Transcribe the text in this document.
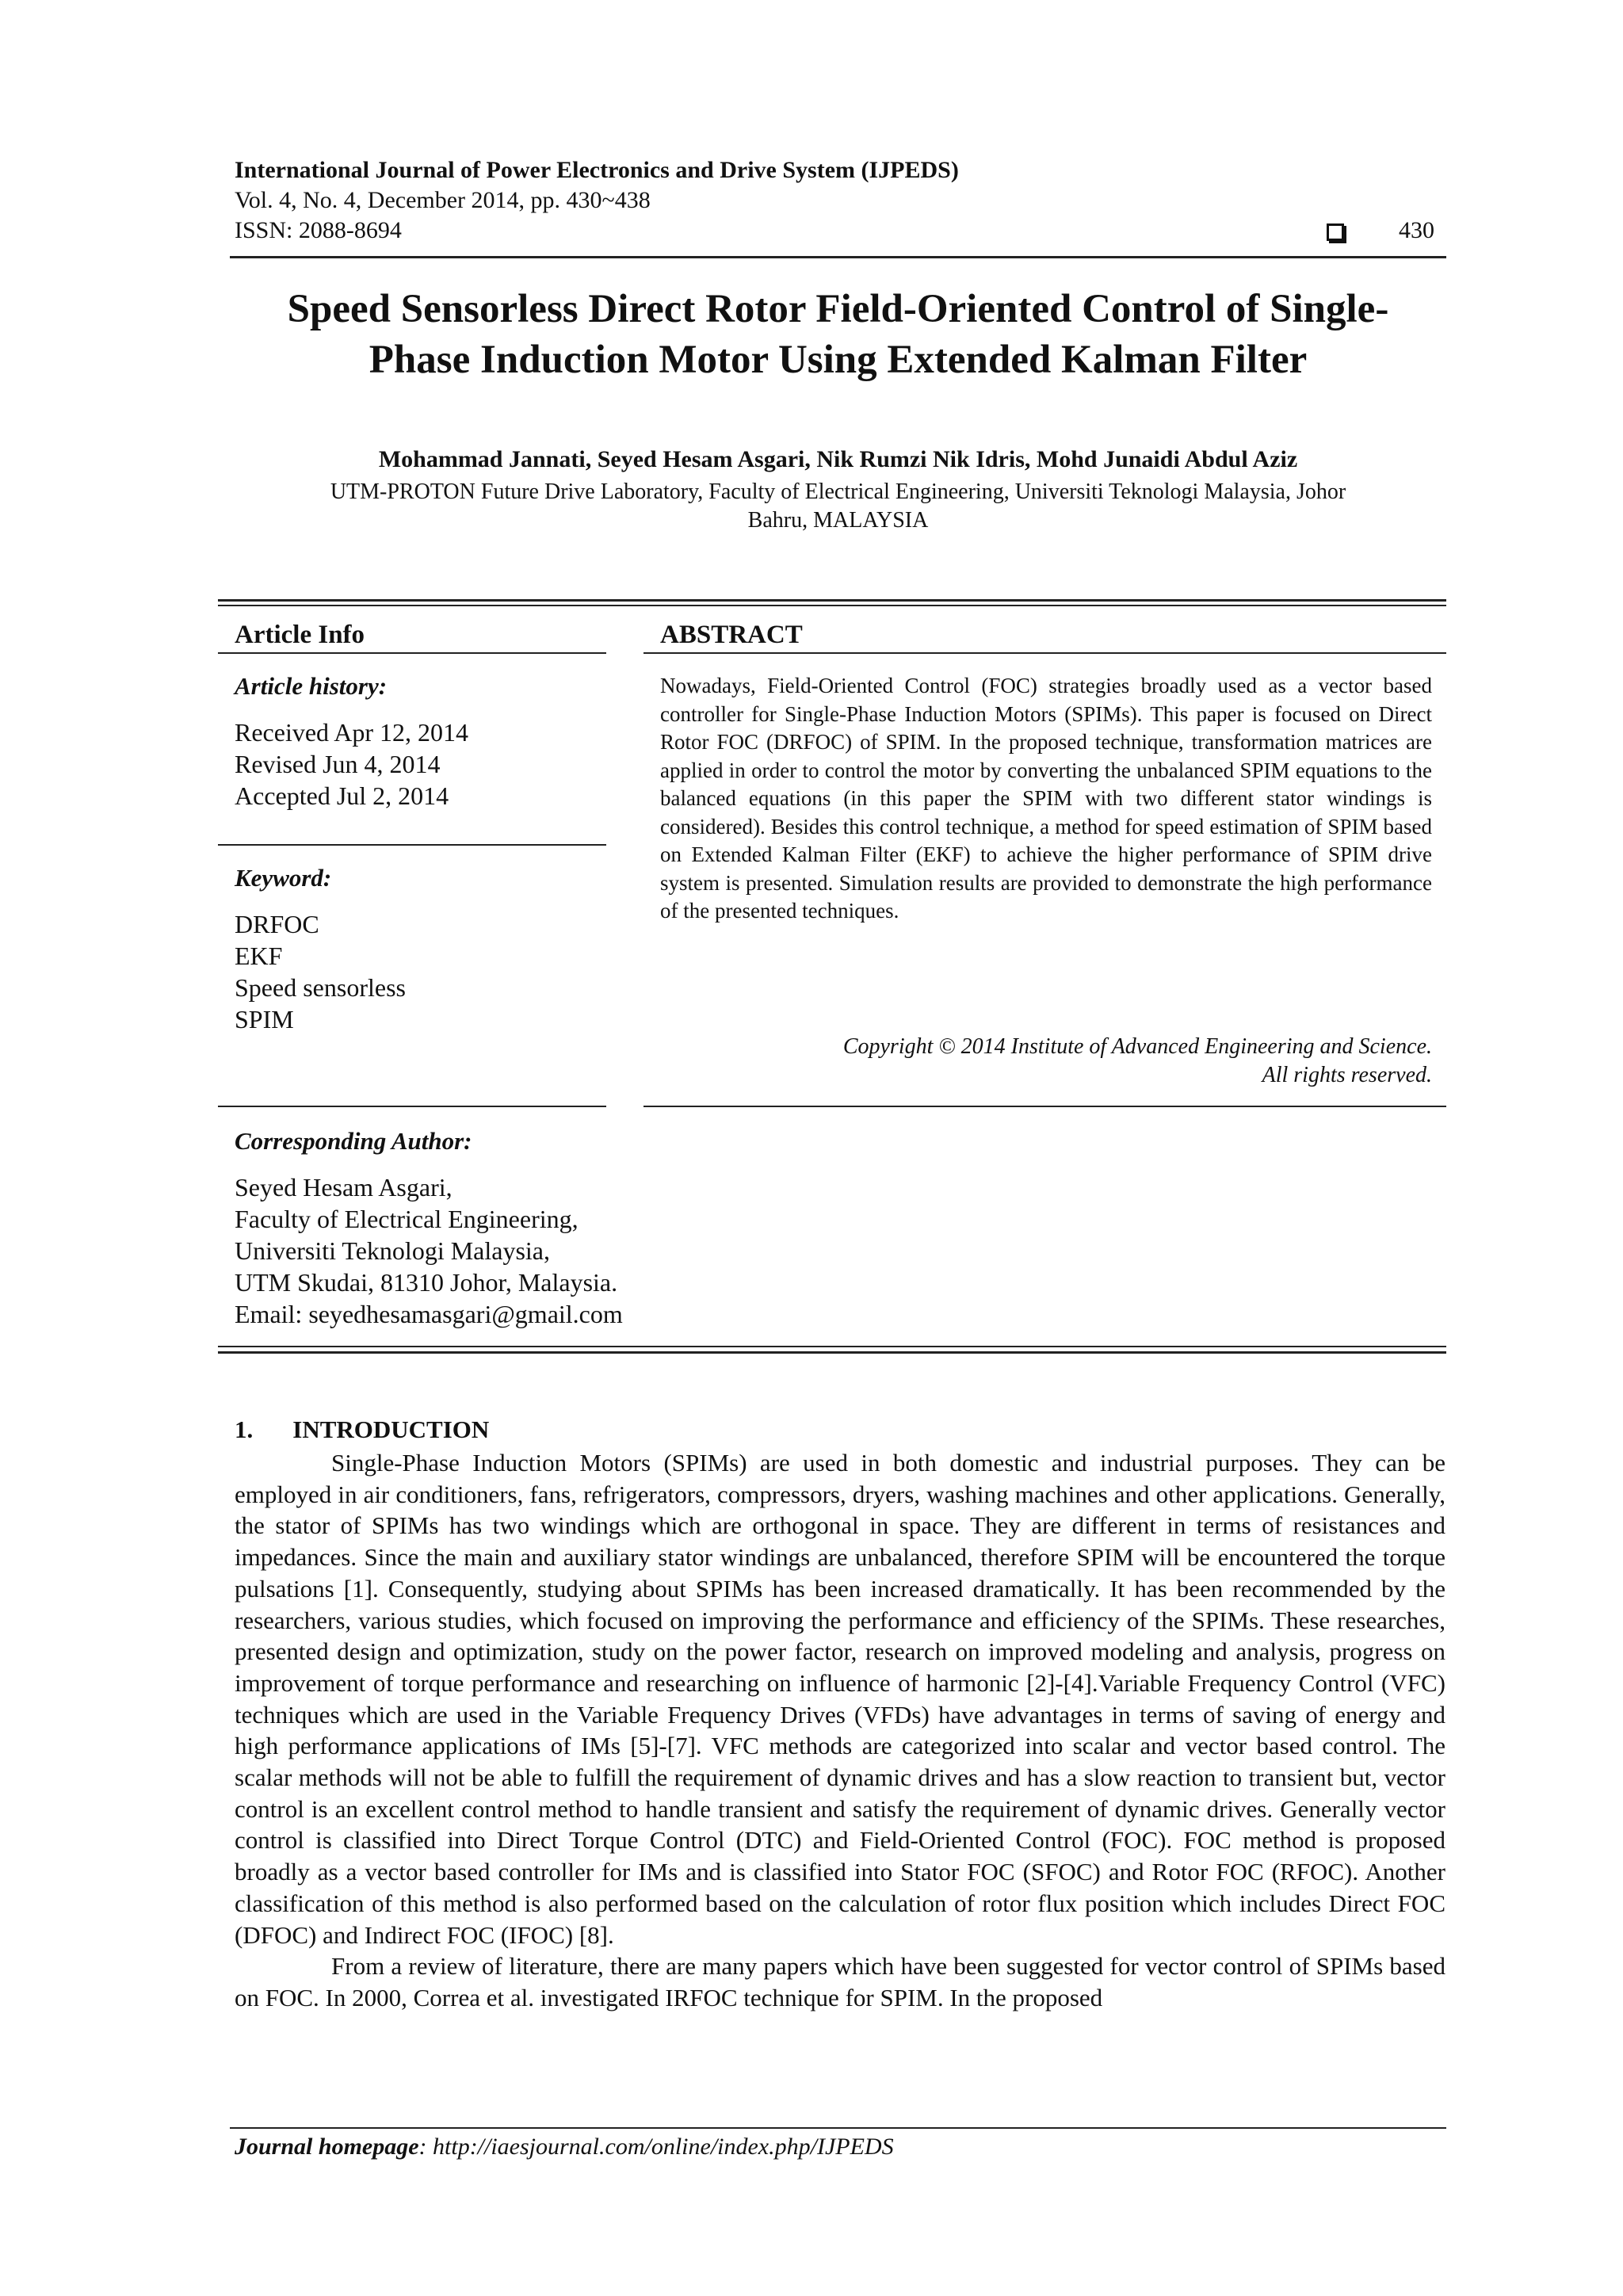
International Journal of Power Electronics and Drive System (IJPEDS)
Vol. 4, No. 4, December 2014, pp. 430~438
ISSN: 2088-8694	430
Speed Sensorless Direct Rotor Field-Oriented Control of Single-
Phase Induction Motor Using Extended Kalman Filter
Mohammad Jannati, Seyed Hesam Asgari, Nik Rumzi Nik Idris, Mohd Junaidi Abdul Aziz
UTM-PROTON Future Drive Laboratory, Faculty of Electrical Engineering, Universiti Teknologi Malaysia, Johor
Bahru, MALAYSIA
Article Info
Article history:
Received Apr 12, 2014
Revised Jun 4, 2014
Accepted Jul 2, 2014
Keyword:
DRFOC
EKF
Speed sensorless
SPIM
ABSTRACT
Nowadays, Field-Oriented Control (FOC) strategies broadly used as a vector based controller for Single-Phase Induction Motors (SPIMs). This paper is focused on Direct Rotor FOC (DRFOC) of SPIM. In the proposed technique, transformation matrices are applied in order to control the motor by converting the unbalanced SPIM equations to the balanced equations (in this paper the SPIM with two different stator windings is considered). Besides this control technique, a method for speed estimation of SPIM based on Extended Kalman Filter (EKF) to achieve the higher performance of SPIM drive system is presented. Simulation results are provided to demonstrate the high performance of the presented techniques.
Copyright © 2014 Institute of Advanced Engineering and Science.
All rights reserved.
Corresponding Author:
Seyed Hesam Asgari,
Faculty of Electrical Engineering,
Universiti Teknologi Malaysia,
UTM Skudai, 81310 Johor, Malaysia.
Email: seyedhesamasgari@gmail.com
1. INTRODUCTION

Single-Phase Induction Motors (SPIMs) are used in both domestic and industrial purposes. They can be employed in air conditioners, fans, refrigerators, compressors, dryers, washing machines and other applications. Generally, the stator of SPIMs has two windings which are orthogonal in space. They are different in terms of resistances and impedances. Since the main and auxiliary stator windings are unbalanced, therefore SPIM will be encountered the torque pulsations [1]. Consequently, studying about SPIMs has been increased dramatically. It has been recommended by the researchers, various studies, which focused on improving the performance and efficiency of the SPIMs. These researches, presented design and optimization, study on the power factor, research on improved modeling and analysis, progress on improvement of torque performance and researching on influence of harmonic [2]-[4].Variable Frequency Control (VFC) techniques which are used in the Variable Frequency Drives (VFDs) have advantages in terms of saving of energy and high performance applications of IMs [5]-[7]. VFC methods are categorized into scalar and vector based control. The scalar methods will not be able to fulfill the requirement of dynamic drives and has a slow reaction to transient but, vector control is an excellent control method to handle transient and satisfy the requirement of dynamic drives. Generally vector control is classified into Direct Torque Control (DTC) and Field-Oriented Control (FOC). FOC method is proposed broadly as a vector based controller for IMs and is classified into Stator FOC (SFOC) and Rotor FOC (RFOC). Another classification of this method is also performed based on the calculation of rotor flux position which includes Direct FOC (DFOC) and Indirect FOC (IFOC) [8].

From a review of literature, there are many papers which have been suggested for vector control of SPIMs based on FOC. In 2000, Correa et al. investigated IRFOC technique for SPIM. In the proposed

Journal homepage: http://iaesjournal.com/online/index.php/IJPEDS
